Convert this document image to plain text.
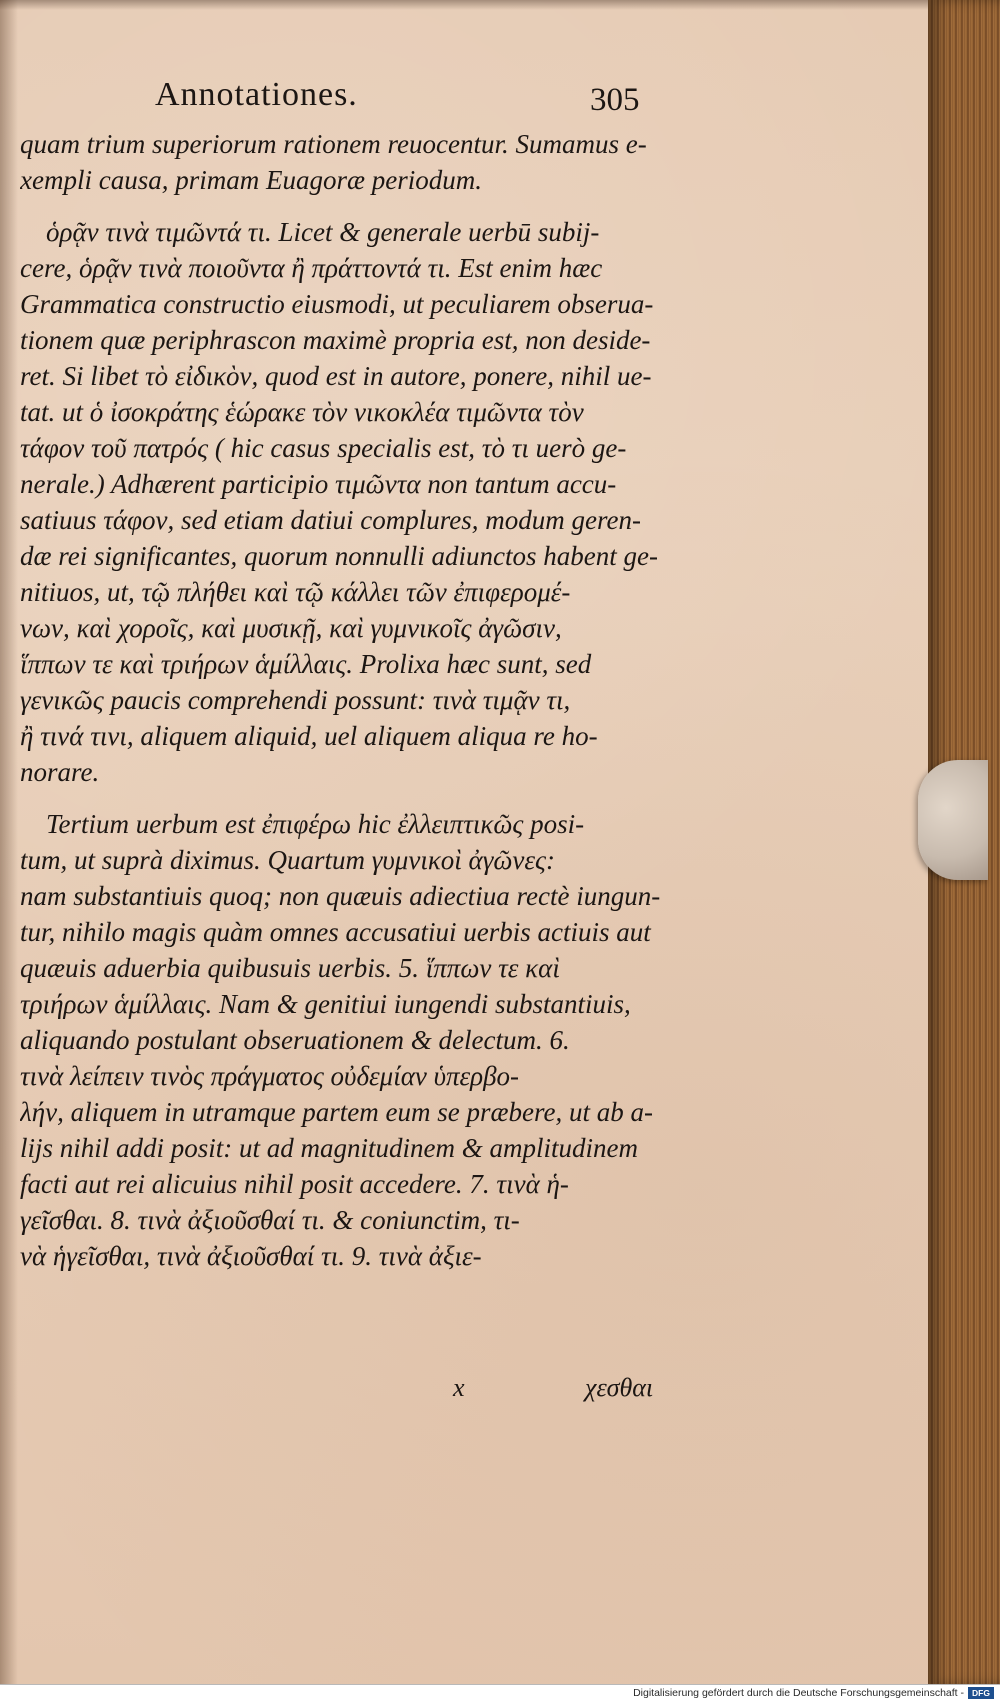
Annotationes.	305
quam trium superiorum rationem reuocentur. Sumamus e-
xempli causa, primam Euagoræ periodum.
ὁρᾷν τινὰ τιμῶντά τι. Licet & generale uerbū subij-
cere, ὁρᾷν τινὰ ποιοῦντα ἢ πράττοντά τι. Est enim hæc
Grammatica constructio eiusmodi, ut peculiarem obserua-
tionem quæ periphrascon maximè propria est, non deside-
ret. Si libet τὸ εἰδικὸν, quod est in autore, ponere, nihil ue-
tat. ut ὁ ἰσοκράτης ἑώρακε τὸν νικοκλέα τιμῶντα τὸν
τάφον τοῦ πατρός ( hic casus specialis est, τὸ τι uerò ge-
nerale.) Adhærent participio τιμῶντα non tantum accu-
satiuus τάφον, sed etiam datiui complures, modum geren-
dæ rei significantes, quorum nonnulli adiunctos habent ge-
nitiuos, ut, τῷ πλήθει καὶ τῷ κάλλει τῶν ἐπιφερομέ-
νων, καὶ χοροῖς, καὶ μυσικῇ, καὶ γυμνικοῖς ἀγῶσιν,
ἵππων τε καὶ τριήρων ἁμίλλαις. Prolixa hæc sunt, sed
γενικῶς paucis comprehendi possunt: τινὰ τιμᾷν τι,
ἢ τινά τινι, aliquem aliquid, uel aliquem aliqua re ho-
norare.
Tertium uerbum est ἐπιφέρω hic ἐλλειπτικῶς posi-
tum, ut suprà diximus. Quartum γυμνικοὶ ἀγῶνες:
nam substantiuis quoq; non quæuis adiectiua rectè iungun-
tur, nihilo magis quàm omnes accusatiui uerbis actiuis aut
quæuis aduerbia quibusuis uerbis. 5. ἵππων τε καὶ
τριήρων ἁμίλλαις. Nam & genitiui iungendi substantiuis,
aliquando postulant obseruationem & delectum. 6.
τινὰ λείπειν τινὸς πράγματος οὐδεμίαν ὑπερβο-
λήν, aliquem in utramque partem eum se præbere, ut ab a-
lijs nihil addi posit: ut ad magnitudinem & amplitudinem
facti aut rei alicuius nihil posit accedere. 7. τινὰ ἡ-
γεῖσθαι. 8. τινὰ ἀξιοῦσθαί τι. & coniunctim, τι-
νὰ ἡγεῖσθαι, τινὰ ἀξιοῦσθαί τι. 9. τινὰ ἀξιε-
x	χεσθαι
Digitalisierung gefördert durch die Deutsche Forschungsgemeinschaft - DFG
